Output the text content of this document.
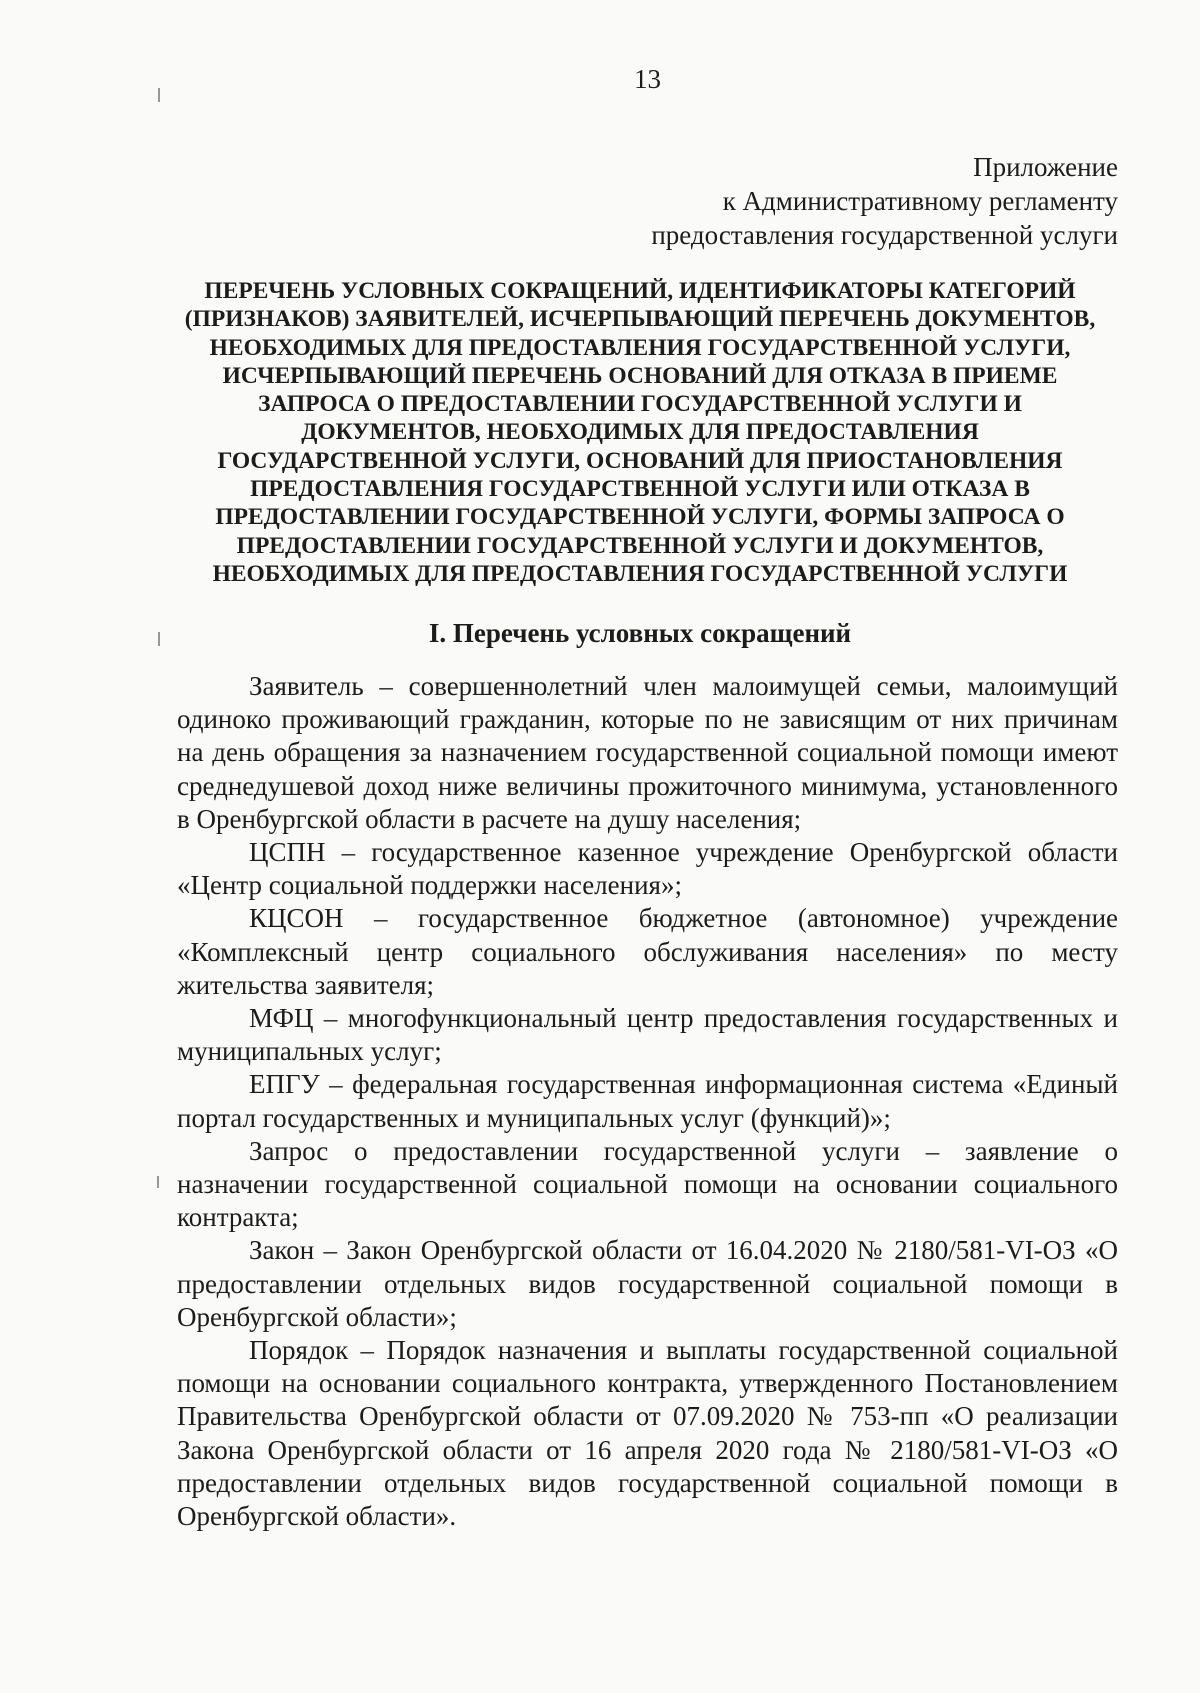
13
Приложение
к Административному регламенту
предоставления государственной услуги
ПЕРЕЧЕНЬ УСЛОВНЫХ СОКРАЩЕНИЙ, ИДЕНТИФИКАТОРЫ КАТЕГОРИЙ
(ПРИЗНАКОВ) ЗАЯВИТЕЛЕЙ, ИСЧЕРПЫВАЮЩИЙ ПЕРЕЧЕНЬ ДОКУМЕНТОВ,
НЕОБХОДИМЫХ ДЛЯ ПРЕДОСТАВЛЕНИЯ ГОСУДАРСТВЕННОЙ УСЛУГИ,
ИСЧЕРПЫВАЮЩИЙ ПЕРЕЧЕНЬ ОСНОВАНИЙ ДЛЯ ОТКАЗА В ПРИЕМЕ
ЗАПРОСА О ПРЕДОСТАВЛЕНИИ ГОСУДАРСТВЕННОЙ УСЛУГИ И
ДОКУМЕНТОВ, НЕОБХОДИМЫХ ДЛЯ ПРЕДОСТАВЛЕНИЯ
ГОСУДАРСТВЕННОЙ УСЛУГИ, ОСНОВАНИЙ ДЛЯ ПРИОСТАНОВЛЕНИЯ
ПРЕДОСТАВЛЕНИЯ ГОСУДАРСТВЕННОЙ УСЛУГИ ИЛИ ОТКАЗА В
ПРЕДОСТАВЛЕНИИ ГОСУДАРСТВЕННОЙ УСЛУГИ, ФОРМЫ ЗАПРОСА О
ПРЕДОСТАВЛЕНИИ ГОСУДАРСТВЕННОЙ УСЛУГИ И ДОКУМЕНТОВ,
НЕОБХОДИМЫХ ДЛЯ ПРЕДОСТАВЛЕНИЯ ГОСУДАРСТВЕННОЙ УСЛУГИ
I. Перечень условных сокращений

Заявитель – совершеннолетний член малоимущей семьи, малоимущий одиноко проживающий гражданин, которые по не зависящим от них причинам на день обращения за назначением государственной социальной помощи имеют среднедушевой доход ниже величины прожиточного минимума, установленного в Оренбургской области в расчете на душу населения;

ЦСПН – государственное казенное учреждение Оренбургской области «Центр социальной поддержки населения»;

КЦСОН – государственное бюджетное (автономное) учреждение «Комплексный центр социального обслуживания населения» по месту жительства заявителя;

МФЦ – многофункциональный центр предоставления государственных и муниципальных услуг;

ЕПГУ – федеральная государственная информационная система «Единый портал государственных и муниципальных услуг (функций)»;

Запрос о предоставлении государственной услуги – заявление о назначении государственной социальной помощи на основании социального контракта;

Закон – Закон Оренбургской области от 16.04.2020 № 2180/581-VI-ОЗ «О предоставлении отдельных видов государственной социальной помощи в Оренбургской области»;

Порядок – Порядок назначения и выплаты государственной социальной помощи на основании социального контракта, утвержденного Постановлением Правительства Оренбургской области от 07.09.2020 № 753-пп «О реализации Закона Оренбургской области от 16 апреля 2020 года № 2180/581-VI-ОЗ «О предоставлении отдельных видов государственной социальной помощи в Оренбургской области».
